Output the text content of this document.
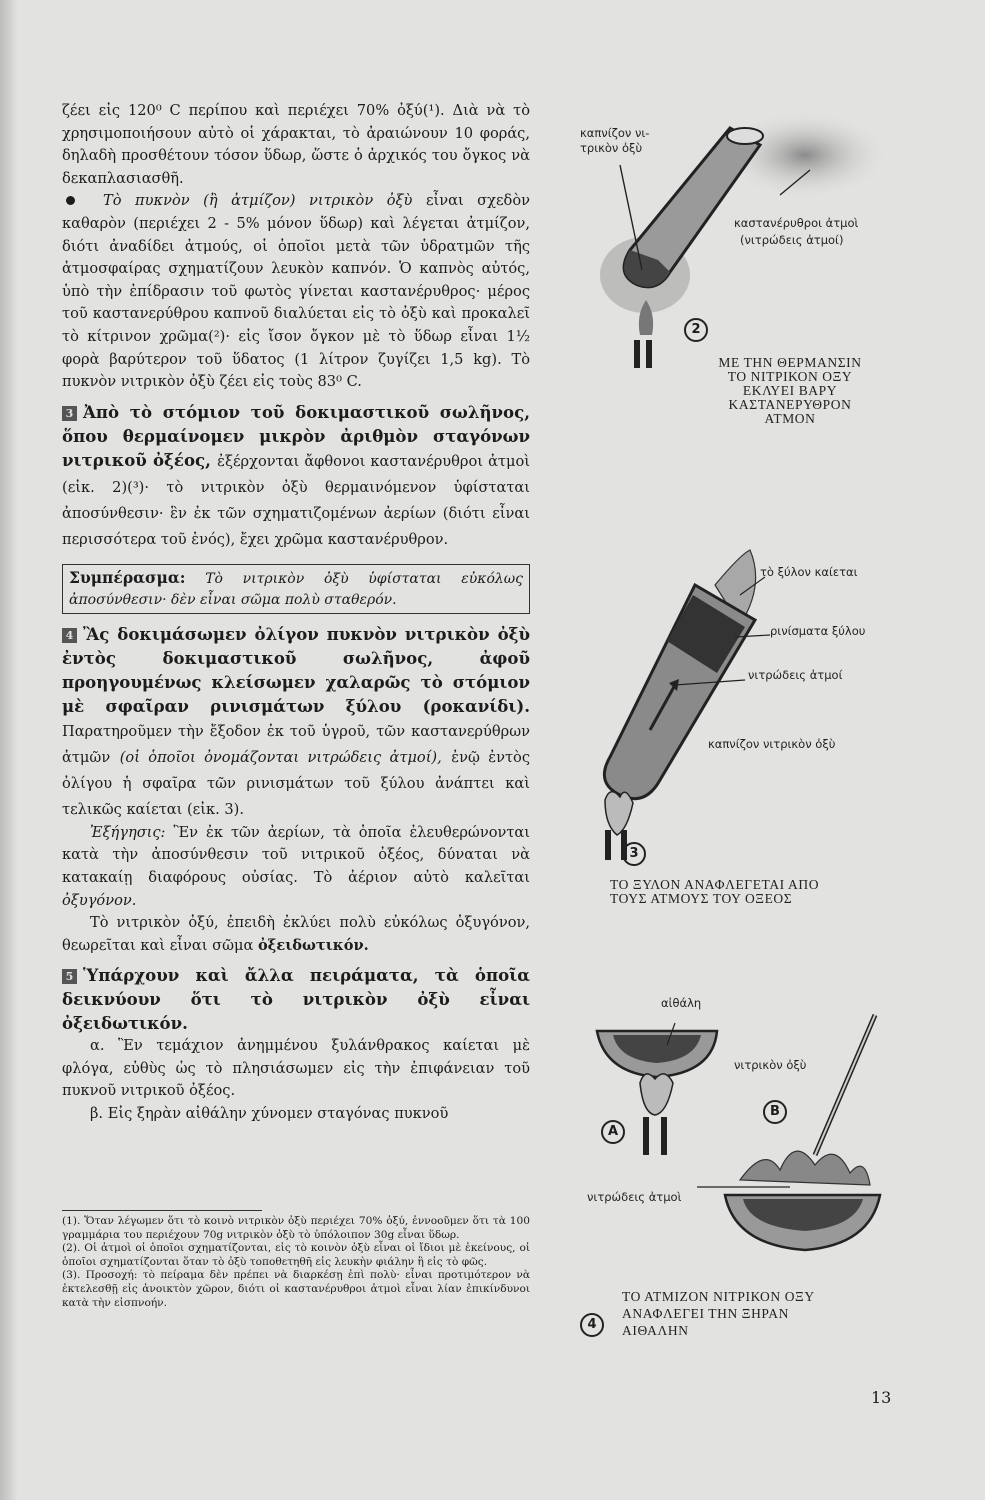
ζέει εἰς 120⁰ C περίπου καὶ περιέχει 70% ὀξύ(¹). Διὰ νὰ τὸ χρησιμοποιήσουν αὐτὸ οἱ χάρακται, τὸ ἀραιώνουν 10 φοράς, δηλαδὴ προσθέτουν τόσον ὕδωρ, ὥστε ὁ ἀρχικός του ὄγκος νὰ δεκαπλασιασθῆ.

Τὸ πυκνὸν (ἢ ἀτμίζον) νιτρικὸν ὀξὺ εἶναι σχεδὸν καθαρὸν (περιέχει 2 - 5% μόνον ὕδωρ) καὶ λέγεται ἀτμίζον, διότι ἀναδίδει ἀτμούς, οἱ ὁποῖοι μετὰ τῶν ὑδρατμῶν τῆς ἀτμοσφαίρας σχηματίζουν λευκὸν καπνόν. Ὁ καπνὸς αὐτός, ὑπὸ τὴν ἐπίδρασιν τοῦ φωτὸς γίνεται καστανέρυθρος· μέρος τοῦ καστανερύθρου καπνοῦ διαλύεται εἰς τὸ ὀξὺ καὶ προκαλεῖ τὸ κίτρινον χρῶμα(²)· εἰς ἴσον ὄγκον μὲ τὸ ὕδωρ εἶναι 1½ φορὰ βαρύτερον τοῦ ὕδατος (1 λίτρον ζυγίζει 1,5 kg). Τὸ πυκνὸν νιτρικὸν ὀξὺ ζέει εἰς τοὺς 83⁰ C.

3 Ἀπὸ τὸ στόμιον τοῦ δοκιμαστικοῦ σωλῆνος, ὅπου θερμαίνομεν μικρὸν ἀριθμὸν σταγόνων νιτρικοῦ ὀξέος, ἐξέρχονται ἄφθονοι καστανέρυθροι ἀτμοὶ (εἰκ. 2)(³)· τὸ νιτρικὸν ὀξὺ θερμαινόμενον ὑφίσταται ἀποσύνθεσιν· ἓν ἐκ τῶν σχηματιζομένων ἀερίων (διότι εἶναι περισσότερα τοῦ ἑνός), ἔχει χρῶμα καστανέρυθρον.

Συμπέρασμα: Τὸ νιτρικὸν ὀξὺ ὑφίσταται εὐκόλως ἀποσύνθεσιν· δὲν εἶναι σῶμα πολὺ σταθερόν.

4 Ἂς δοκιμάσωμεν ὀλίγον πυκνὸν νιτρικὸν ὀξὺ ἐντὸς δοκιμαστικοῦ σωλῆνος, ἀφοῦ προηγουμένως κλείσωμεν χαλαρῶς τὸ στόμιον μὲ σφαῖραν ρινισμάτων ξύλου (ροκανίδι). Παρατηροῦμεν τὴν ἔξοδον ἐκ τοῦ ὑγροῦ, τῶν καστανερύθρων ἀτμῶν (οἱ ὁποῖοι ὀνομάζονται νιτρώδεις ἀτμοί), ἐνῷ ἐντὸς ὀλίγου ἡ σφαῖρα τῶν ρινισμάτων τοῦ ξύλου ἀνάπτει καὶ τελικῶς καίεται (εἰκ. 3).

Ἐξήγησις: Ἓν ἐκ τῶν ἀερίων, τὰ ὁποῖα ἐλευθερώνονται κατὰ τὴν ἀποσύνθεσιν τοῦ νιτρικοῦ ὀξέος, δύναται νὰ κατακαίῃ διαφόρους οὐσίας. Τὸ ἀέριον αὐτὸ καλεῖται ὀξυγόνον.

Τὸ νιτρικὸν ὀξύ, ἐπειδὴ ἐκλύει πολὺ εὐκόλως ὀξυγόνον, θεωρεῖται καὶ εἶναι σῶμα ὀξειδωτικόν.

5 Ὑπάρχουν καὶ ἄλλα πειράματα, τὰ ὁποῖα δεικνύουν ὅτι τὸ νιτρικὸν ὀξὺ εἶναι ὀξειδωτικόν.

α. Ἓν τεμάχιον ἀνημμένου ξυλάνθρακος καίεται μὲ φλόγα, εὐθὺς ὡς τὸ πλησιάσωμεν εἰς τὴν ἐπιφάνειαν τοῦ πυκνοῦ νιτρικοῦ ὀξέος.

β. Εἰς ξηρὰν αἰθάλην χύνομεν σταγόνας πυκνοῦ

(1). Ὅταν λέγωμεν ὅτι τὸ κοινὸ νιτρικὸν ὀξὺ περιέχει 70% ὀξύ, ἐννοοῦμεν ὅτι τὰ 100 γραμμάρια του περιέχουν 70g νιτρικὸν ὀξὺ τὸ ὑπόλοιπον 30g εἶναι ὕδωρ.

(2). Οἱ ἀτμοὶ οἱ ὁποῖοι σχηματίζονται, εἰς τὸ κοινὸν ὀξὺ εἶναι οἱ ἴδιοι μὲ ἐκείνους, οἱ ὁποῖοι σχηματίζονται ὅταν τὸ ὀξὺ τοποθετηθῆ εἰς λευκὴν φιάλην ἢ εἰς τὸ φῶς.

(3). Προσοχή: τὸ πείραμα δὲν πρέπει νὰ διαρκέσῃ ἐπὶ πολὺ· εἶναι προτιμότερον νὰ ἐκτελεσθῇ εἰς ἀνοικτὸν χῶρον, διότι οἱ καστανέρυθροι ἀτμοὶ εἶναι λίαν ἐπικίνδυνοι κατὰ τὴν εἰσπνοήν.

καπνίζον νι-
τρικὸν ὀξὺ
καστανέρυθροι ἀτμοὶ
(νιτρώδεις ἀτμοί)
2
ΜΕ ΤΗΝ ΘΕΡΜΑΝΣΙΝ
ΤΟ ΝΙΤΡΙΚΟΝ ΟΞΥ
ΕΚΛΥΕΙ ΒΑΡΥ
ΚΑΣΤΑΝΕΡΥΘΡΟΝ
ΑΤΜΟΝ
τὸ ξύλον καίεται
ρινίσματα ξύλου
νιτρώδεις ἀτμοί
καπνίζον νιτρικὸν ὀξὺ
3
ΤΟ ΞΥΛΟΝ ΑΝΑΦΛΕΓΕΤΑΙ ΑΠΟ
ΤΟΥΣ ΑΤΜΟΥΣ ΤΟΥ ΟΞΕΟΣ
αἰθάλη
νιτρικὸν ὀξὺ
νιτρώδεις ἀτμοὶ
A
B
4
ΤΟ ΑΤΜΙΖΟΝ ΝΙΤΡΙΚΟΝ ΟΞΥ
ΑΝΑΦΛΕΓΕΙ ΤΗΝ ΞΗΡΑΝ
ΑΙΘΑΛΗΝ
13
